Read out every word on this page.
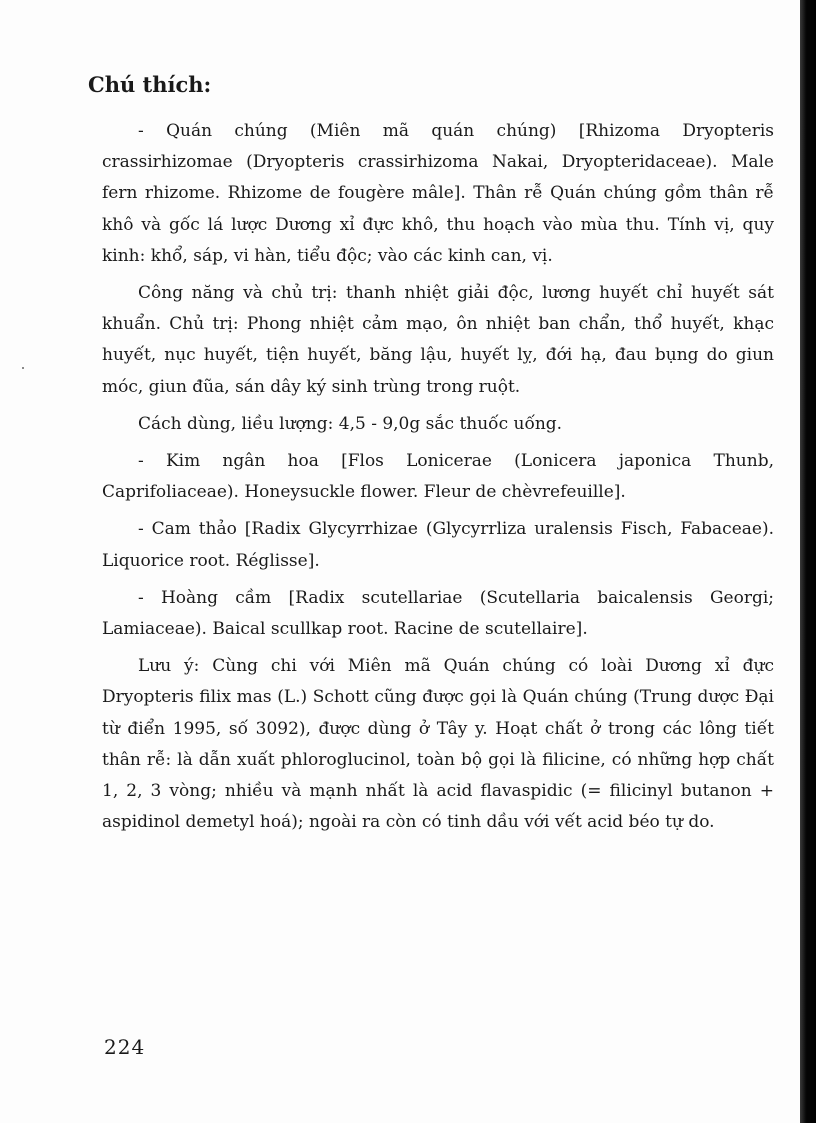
Chú thích:

- Quán chúng (Miên mã quán chúng) [Rhizoma Dryopteris crassirhizomae (Dryopteris crassirhizoma Nakai, Dryopteridaceae). Male fern rhizome. Rhizome de fougère mâle]. Thân rễ Quán chúng gồm thân rễ khô và gốc lá lược Dương xỉ đực khô, thu hoạch vào mùa thu. Tính vị, quy kinh: khổ, sáp, vi hàn, tiểu độc; vào các kinh can, vị.

Công năng và chủ trị: thanh nhiệt giải độc, lương huyết chỉ huyết sát khuẩn. Chủ trị: Phong nhiệt cảm mạo, ôn nhiệt ban chẩn, thổ huyết, khạc huyết, nục huyết, tiện huyết, băng lậu, huyết lỵ, đới hạ, đau bụng do giun móc, giun đũa, sán dây ký sinh trùng trong ruột.

Cách dùng, liều lượng: 4,5 - 9,0g sắc thuốc uống.

- Kim ngân hoa [Flos Lonicerae (Lonicera japonica Thunb, Caprifoliaceae). Honeysuckle flower. Fleur de chèvrefeuille].

- Cam thảo [Radix Glycyrrhizae (Glycyrrliza uralensis Fisch, Fabaceae). Liquorice root. Réglisse].

- Hoàng cầm [Radix scutellariae (Scutellaria baicalensis Georgi; Lamiaceae). Baical scullkap root. Racine de scutellaire].

Lưu ý: Cùng chi với Miên mã Quán chúng có loài Dương xỉ đực Dryopteris filix mas (L.) Schott cũng được gọi là Quán chúng (Trung dược Đại từ điển 1995, số 3092), được dùng ở Tây y. Hoạt chất ở trong các lông tiết thân rễ: là dẫn xuất phloroglucinol, toàn bộ gọi là filicine, có những hợp chất 1, 2, 3 vòng; nhiều và mạnh nhất là acid flavaspidic (= filicinyl butanon + aspidinol demetyl hoá); ngoài ra còn có tinh dầu với vết acid béo tự do.

224
